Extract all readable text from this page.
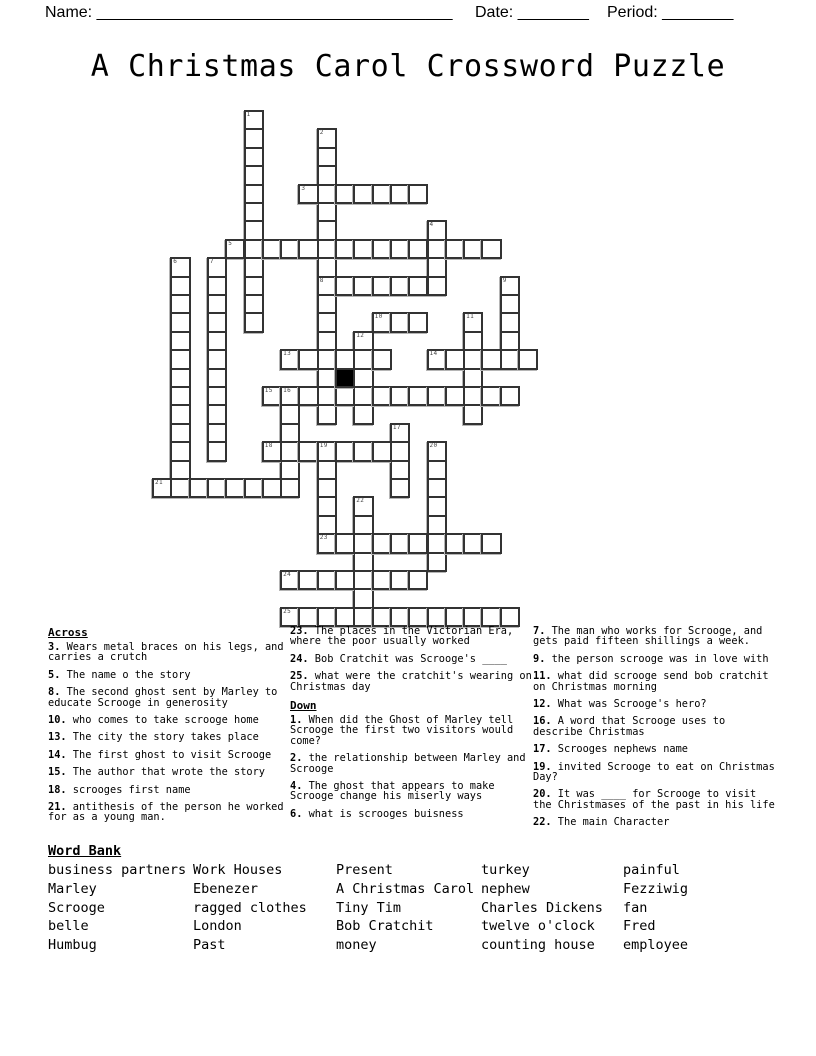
Name: ________________________________________ Date: ________ Period: ________
A Christmas Carol Crossword Puzzle
1
2
8
3
4
5
6	7
9
10	11
12
13	14
15 16
17
18	19
23
20
21
22
24
25
Across
3. Wears metal braces on his legs, and carries a crutch
5. The name o the story
8. The second ghost sent by Marley to educate Scrooge in generosity
10. who comes to take scrooge home
13. The city the story takes place
14. The first ghost to visit Scrooge
15. The author that wrote the story
18. scrooges first name
21. antithesis of the person he worked for as a young man.
23. The places in the Victorian Era, where the poor usually worked
24. Bob Cratchit was Scrooge's ____
25. what were the cratchit's wearing on Christmas day
Down
1. When did the Ghost of Marley tell Scrooge the first two visitors would come?
2. the relationship between Marley and Scrooge
4. The ghost that appears to make Scrooge change his miserly ways
6. what is scrooges buisness
7. The man who works for Scrooge, and gets paid fifteen shillings a week.
9. the person scrooge was in love with
11. what did scrooge send bob cratchit on Christmas morning
12. What was Scrooge's hero?
16. A word that Scrooge uses to describe Christmas
17. Scrooges nephews name
19. invited Scrooge to eat on Christmas Day?
20. It was ____ for Scrooge to visit the Christmases of the past in his life
22. The main Character
Word Bank
business partners
Marley
Scrooge
belle
Humbug
Work Houses
Ebenezer
ragged clothes
London
Past
Present
A Christmas Carol
Tiny Tim
Bob Cratchit
money
turkey
nephew
Charles Dickens
twelve o'clock
counting house
painful
Fezziwig
fan
Fred
employee
